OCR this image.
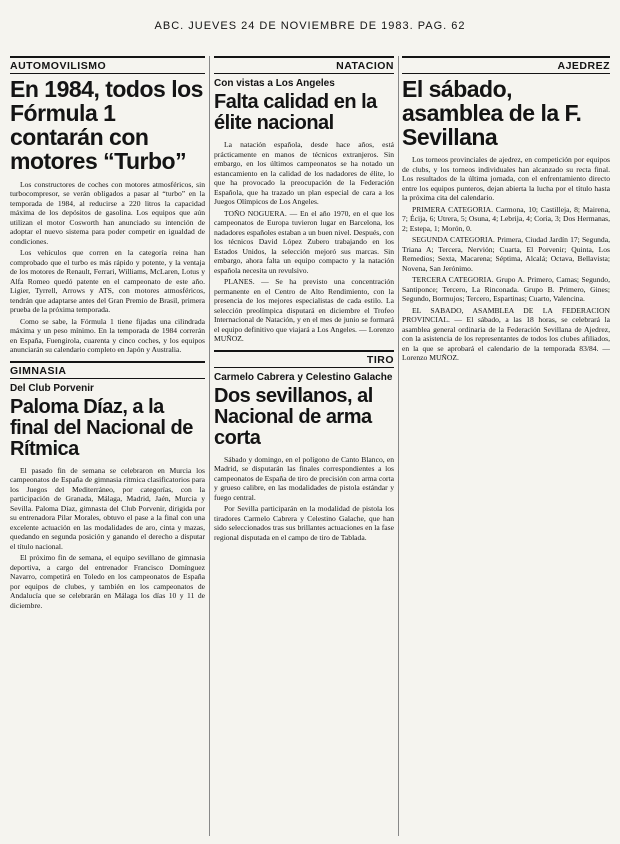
ABC. JUEVES 24 DE NOVIEMBRE DE 1983. PAG. 62
AUTOMOVILISMO
En 1984, todos los Fórmula 1 contarán con motores “Turbo”

Los constructores de coches con motores atmosféricos, sin turbocompresor, se verán obligados a pasar al “turbo” en la temporada de 1984, al reducirse a 220 litros la capacidad máxima de los depósitos de gasolina. Los equipos que aún utilizan el motor Cosworth han anunciado su intención de adoptar el nuevo sistema para poder competir en igualdad de condiciones.

Los vehículos que corren en la categoría reina han comprobado que el turbo es más rápido y potente, y la ventaja de los motores de Renault, Ferrari, Williams, McLaren, Lotus y Alfa Romeo quedó patente en el campeonato de este año. Ligier, Tyrrell, Arrows y ATS, con motores atmosféricos, tendrán que adaptarse antes del Gran Premio de Brasil, primera prueba de la próxima temporada.

Como se sabe, la Fórmula 1 tiene fijadas una cilindrada máxima y un peso mínimo. En la temporada de 1984 correrán en España, Fuengirola, cuarenta y cinco coches, y los equipos anunciarán su calendario completo en Japón y Australia.

GIMNASIA
Del Club Porvenir
Paloma Díaz, a la final del Nacional de Rítmica

El pasado fin de semana se celebraron en Murcia los campeonatos de España de gimnasia rítmica clasificatorios para los Juegos del Mediterráneo, por categorías, con la participación de Granada, Málaga, Madrid, Jaén, Murcia y Sevilla. Paloma Díaz, gimnasta del Club Porvenir, dirigida por su entrenadora Pilar Morales, obtuvo el pase a la final con una excelente actuación en las modalidades de aro, cinta y mazas, quedando en segunda posición y ganando el derecho a disputar el título nacional.

El próximo fin de semana, el equipo sevillano de gimnasia deportiva, a cargo del entrenador Francisco Domínguez Navarro, competirá en Toledo en los campeonatos de España por equipos de clubes, y también en los campeonatos de Andalucía que se celebrarán en Málaga los días 10 y 11 de diciembre.

NATACION
Con vistas a Los Angeles
Falta calidad en la élite nacional

La natación española, desde hace años, está prácticamente en manos de técnicos extranjeros. Sin embargo, en los últimos campeonatos se ha notado un estancamiento en la calidad de los nadadores de élite, lo que ha provocado la preocupación de la Federación Española, que ha trazado un plan especial de cara a los Juegos Olímpicos de Los Angeles.

TOÑO NOGUERA. — En el año 1970, en el que los campeonatos de Europa tuvieron lugar en Barcelona, los nadadores españoles estaban a un buen nivel. Después, con los técnicos David López Zubero trabajando en los Estados Unidos, la selección mejoró sus marcas. Sin embargo, ahora falta un equipo compacto y la natación española necesita un revulsivo.

PLANES. — Se ha previsto una concentración permanente en el Centro de Alto Rendimiento, con la presencia de los mejores especialistas de cada estilo. La selección preolímpica disputará en diciembre el Trofeo Internacional de Natación, y en el mes de junio se formará el equipo definitivo que viajará a Los Angeles. — Lorenzo MUÑOZ.

TIRO
Carmelo Cabrera y Celestino Galache
Dos sevillanos, al Nacional de arma corta

Sábado y domingo, en el polígono de Canto Blanco, en Madrid, se disputarán las finales correspondientes a los campeonatos de España de tiro de precisión con arma corta y grueso calibre, en las modalidades de pistola estándar y fuego central.

Por Sevilla participarán en la modalidad de pistola los tiradores Carmelo Cabrera y Celestino Galache, que han sido seleccionados tras sus brillantes actuaciones en la fase regional disputada en el campo de tiro de Tablada.

AJEDREZ
El sábado, asamblea de la F. Sevillana

Los torneos provinciales de ajedrez, en competición por equipos de clubs, y los torneos individuales han alcanzado su recta final. Los resultados de la última jornada, con el enfrentamiento directo entre los equipos punteros, dejan abierta la lucha por el título hasta la próxima cita del calendario.

PRIMERA CATEGORIA. Carmona, 10; Castilleja, 8; Mairena, 7; Écija, 6; Utrera, 5; Osuna, 4; Lebrija, 4; Coria, 3; Dos Hermanas, 2; Estepa, 1; Morón, 0.

SEGUNDA CATEGORIA. Primera, Ciudad Jardín 17; Segunda, Triana A; Tercera, Nervión; Cuarta, El Porvenir; Quinta, Los Remedios; Sexta, Macarena; Séptima, Alcalá; Octava, Bellavista; Novena, San Jerónimo.

TERCERA CATEGORIA. Grupo A. Primero, Camas; Segundo, Santiponce; Tercero, La Rinconada. Grupo B. Primero, Gines; Segundo, Bormujos; Tercero, Espartinas; Cuarto, Valencina.

EL SABADO, ASAMBLEA DE LA FEDERACION PROVINCIAL. — El sábado, a las 18 horas, se celebrará la asamblea general ordinaria de la Federación Sevillana de Ajedrez, con la asistencia de los representantes de todos los clubes afiliados, en la que se aprobará el calendario de la temporada 83/84. — Lorenzo MUÑOZ.
